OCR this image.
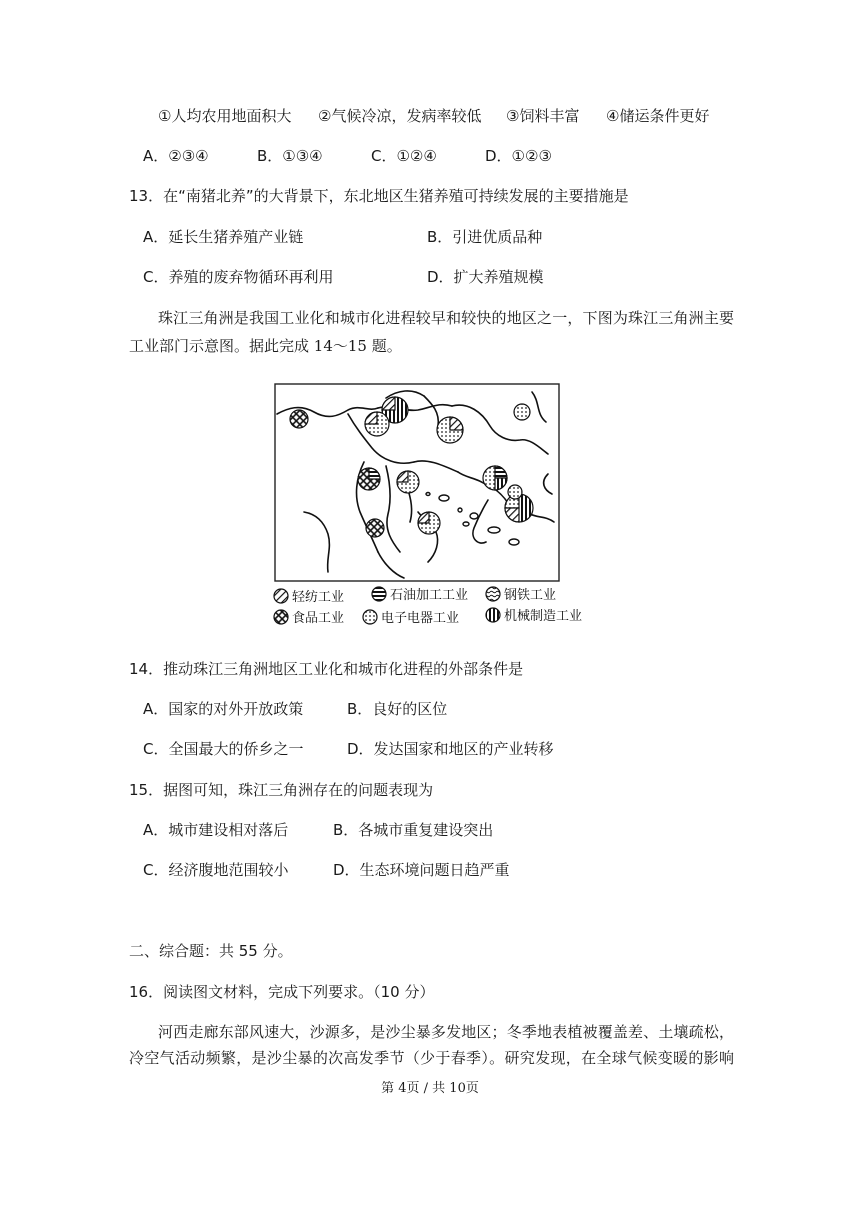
①人均农用地面积大 ②气候冷凉，发病率较低 ③饲料丰富 ④储运条件更好
A．②③④	B．①③④	C．①②④	D．①②③
13．在“南猪北养”的大背景下，东北地区生猪养殖可持续发展的主要措施是
A．延长生猪养殖产业链	B．引进优质品种
C．养殖的废弃物循环再利用	D．扩大养殖规模
珠江三角洲是我国工业化和城市化进程较早和较快的地区之一，下图为珠江三角洲主要
工业部门示意图。据此完成 14～15 题。
轻纺工业	石油加工工业	钢铁工业
食品工业	电子电器工业	机械制造工业
14．推动珠江三角洲地区工业化和城市化进程的外部条件是
A．国家的对外开放政策	B．良好的区位
C．全国最大的侨乡之一	D．发达国家和地区的产业转移
15．据图可知，珠江三角洲存在的问题表现为
A．城市建设相对落后	B．各城市重复建设突出
C．经济腹地范围较小	D．生态环境问题日趋严重
二、综合题：共 55 分。
16．阅读图文材料，完成下列要求。（10 分）
河西走廊东部风速大，沙源多，是沙尘暴多发地区；冬季地表植被覆盖差、土壤疏松，
冷空气活动频繁，是沙尘暴的次高发季节（少于春季）。研究发现，在全球气候变暖的影响
第 4页 / 共 10页
